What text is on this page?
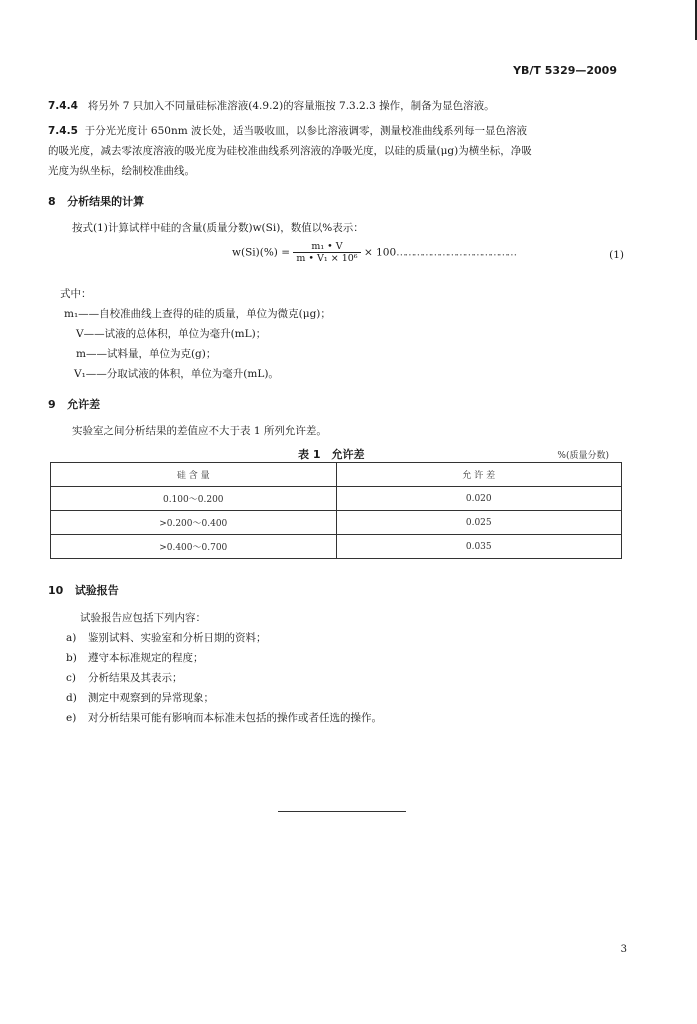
YB/T 5329—2009
7.4.4 将另外 7 只加入不同量硅标准溶液(4.9.2)的容量瓶按 7.3.2.3 操作，制备为显色溶液。
7.4.5 于分光光度计 650nm 波长处，适当吸收皿，以参比溶液调零，测量校准曲线系列每一显色溶液
的吸光度，减去零浓度溶液的吸光度为硅校准曲线系列溶液的净吸光度，以硅的质量(μg)为横坐标，净吸
光度为纵坐标，绘制校准曲线。
8 分析结果的计算
按式(1)计算试样中硅的含量(质量分数)w(Si)，数值以%表示：
$w(Si)(\%) = \frac{\text{m₁ • V}}{\text{m • V₁ × 10⁶}}$ × 100……………………………………	(1)
式中：
m₁——自校准曲线上查得的硅的质量，单位为微克(μg)；
V——试液的总体积，单位为毫升(mL)；
m——试料量，单位为克(g)；
V₁——分取试液的体积，单位为毫升(mL)。
9 允许差
实验室之间分析结果的差值应不大于表 1 所列允许差。
表 1　允许差	%(质量分数)
硅 含 量	允 许 差
0.100～0.200	0.020
>0.200～0.400	0.025
>0.400～0.700	0.035
10 试验报告
试验报告应包括下列内容：
a) 鉴别试料、实验室和分析日期的资料；
b) 遵守本标准规定的程度；
c) 分析结果及其表示；
d) 测定中观察到的异常现象；
e) 对分析结果可能有影响而本标准未包括的操作或者任选的操作。
3
